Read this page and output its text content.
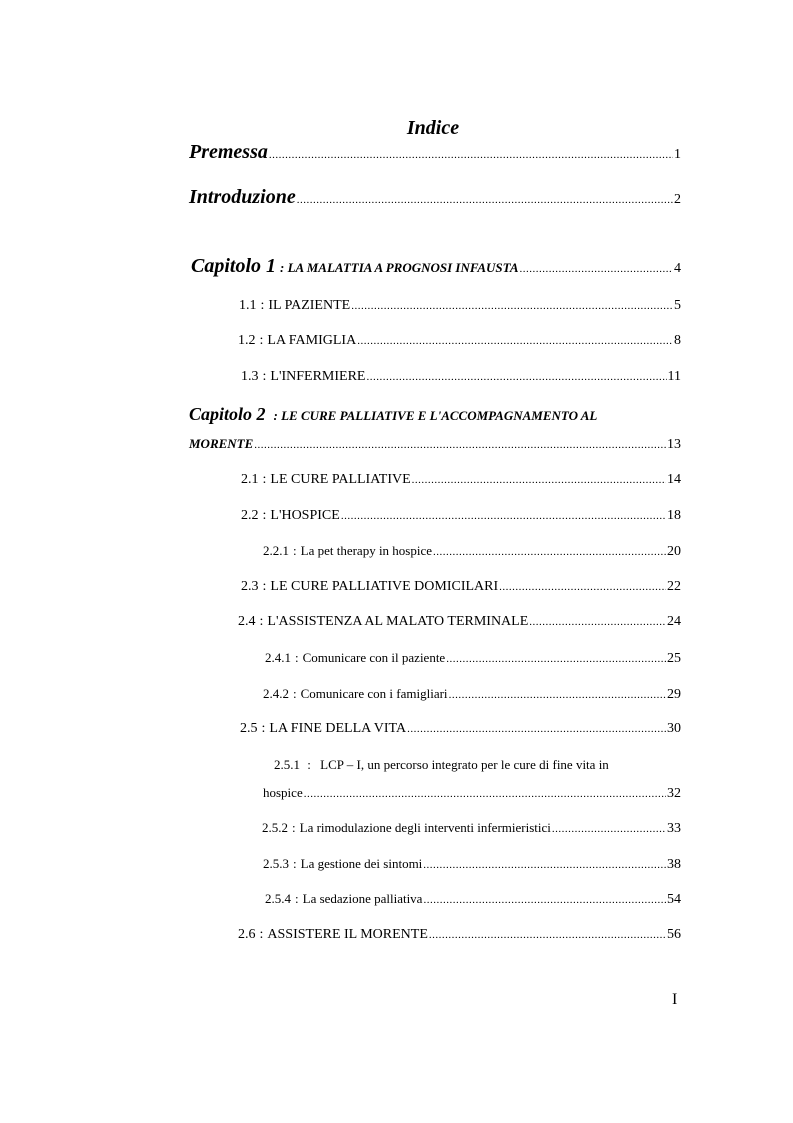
Indice
Premessa .....	1
Introduzione .....	2
Capitolo 1 : LA MALATTIA A PROGNOSI INFAUSTA .....	4
1.1 : IL PAZIENTE .....	5
1.2 : LA FAMIGLIA .....	8
1.3 : L'INFERMIERE .....	11
Capitolo 2 : LE CURE PALLIATIVE E L'ACCOMPAGNAMENTO AL
MORENTE .....	13
2.1 : LE CURE PALLIATIVE .....	14
2.2 : L'HOSPICE .....	18
2.2.1 : La pet therapy in hospice .....	20
2.3 : LE CURE PALLIATIVE DOMICILARI .....	22
2.4 : L'ASSISTENZA AL MALATO TERMINALE .....	24
2.4.1 : Comunicare con il paziente .....	25
2.4.2 : Comunicare con i famigliari .....	29
2.5 : LA FINE DELLA VITA .....	30
2.5.1 : LCP – I, un percorso integrato per le cure di fine vita in
hospice .....	32
2.5.2 : La rimodulazione degli interventi infermieristici .....	33
2.5.3 : La gestione dei sintomi .....	38
2.5.4 : La sedazione palliativa .....	54
2.6 : ASSISTERE IL MORENTE .....	56
I
